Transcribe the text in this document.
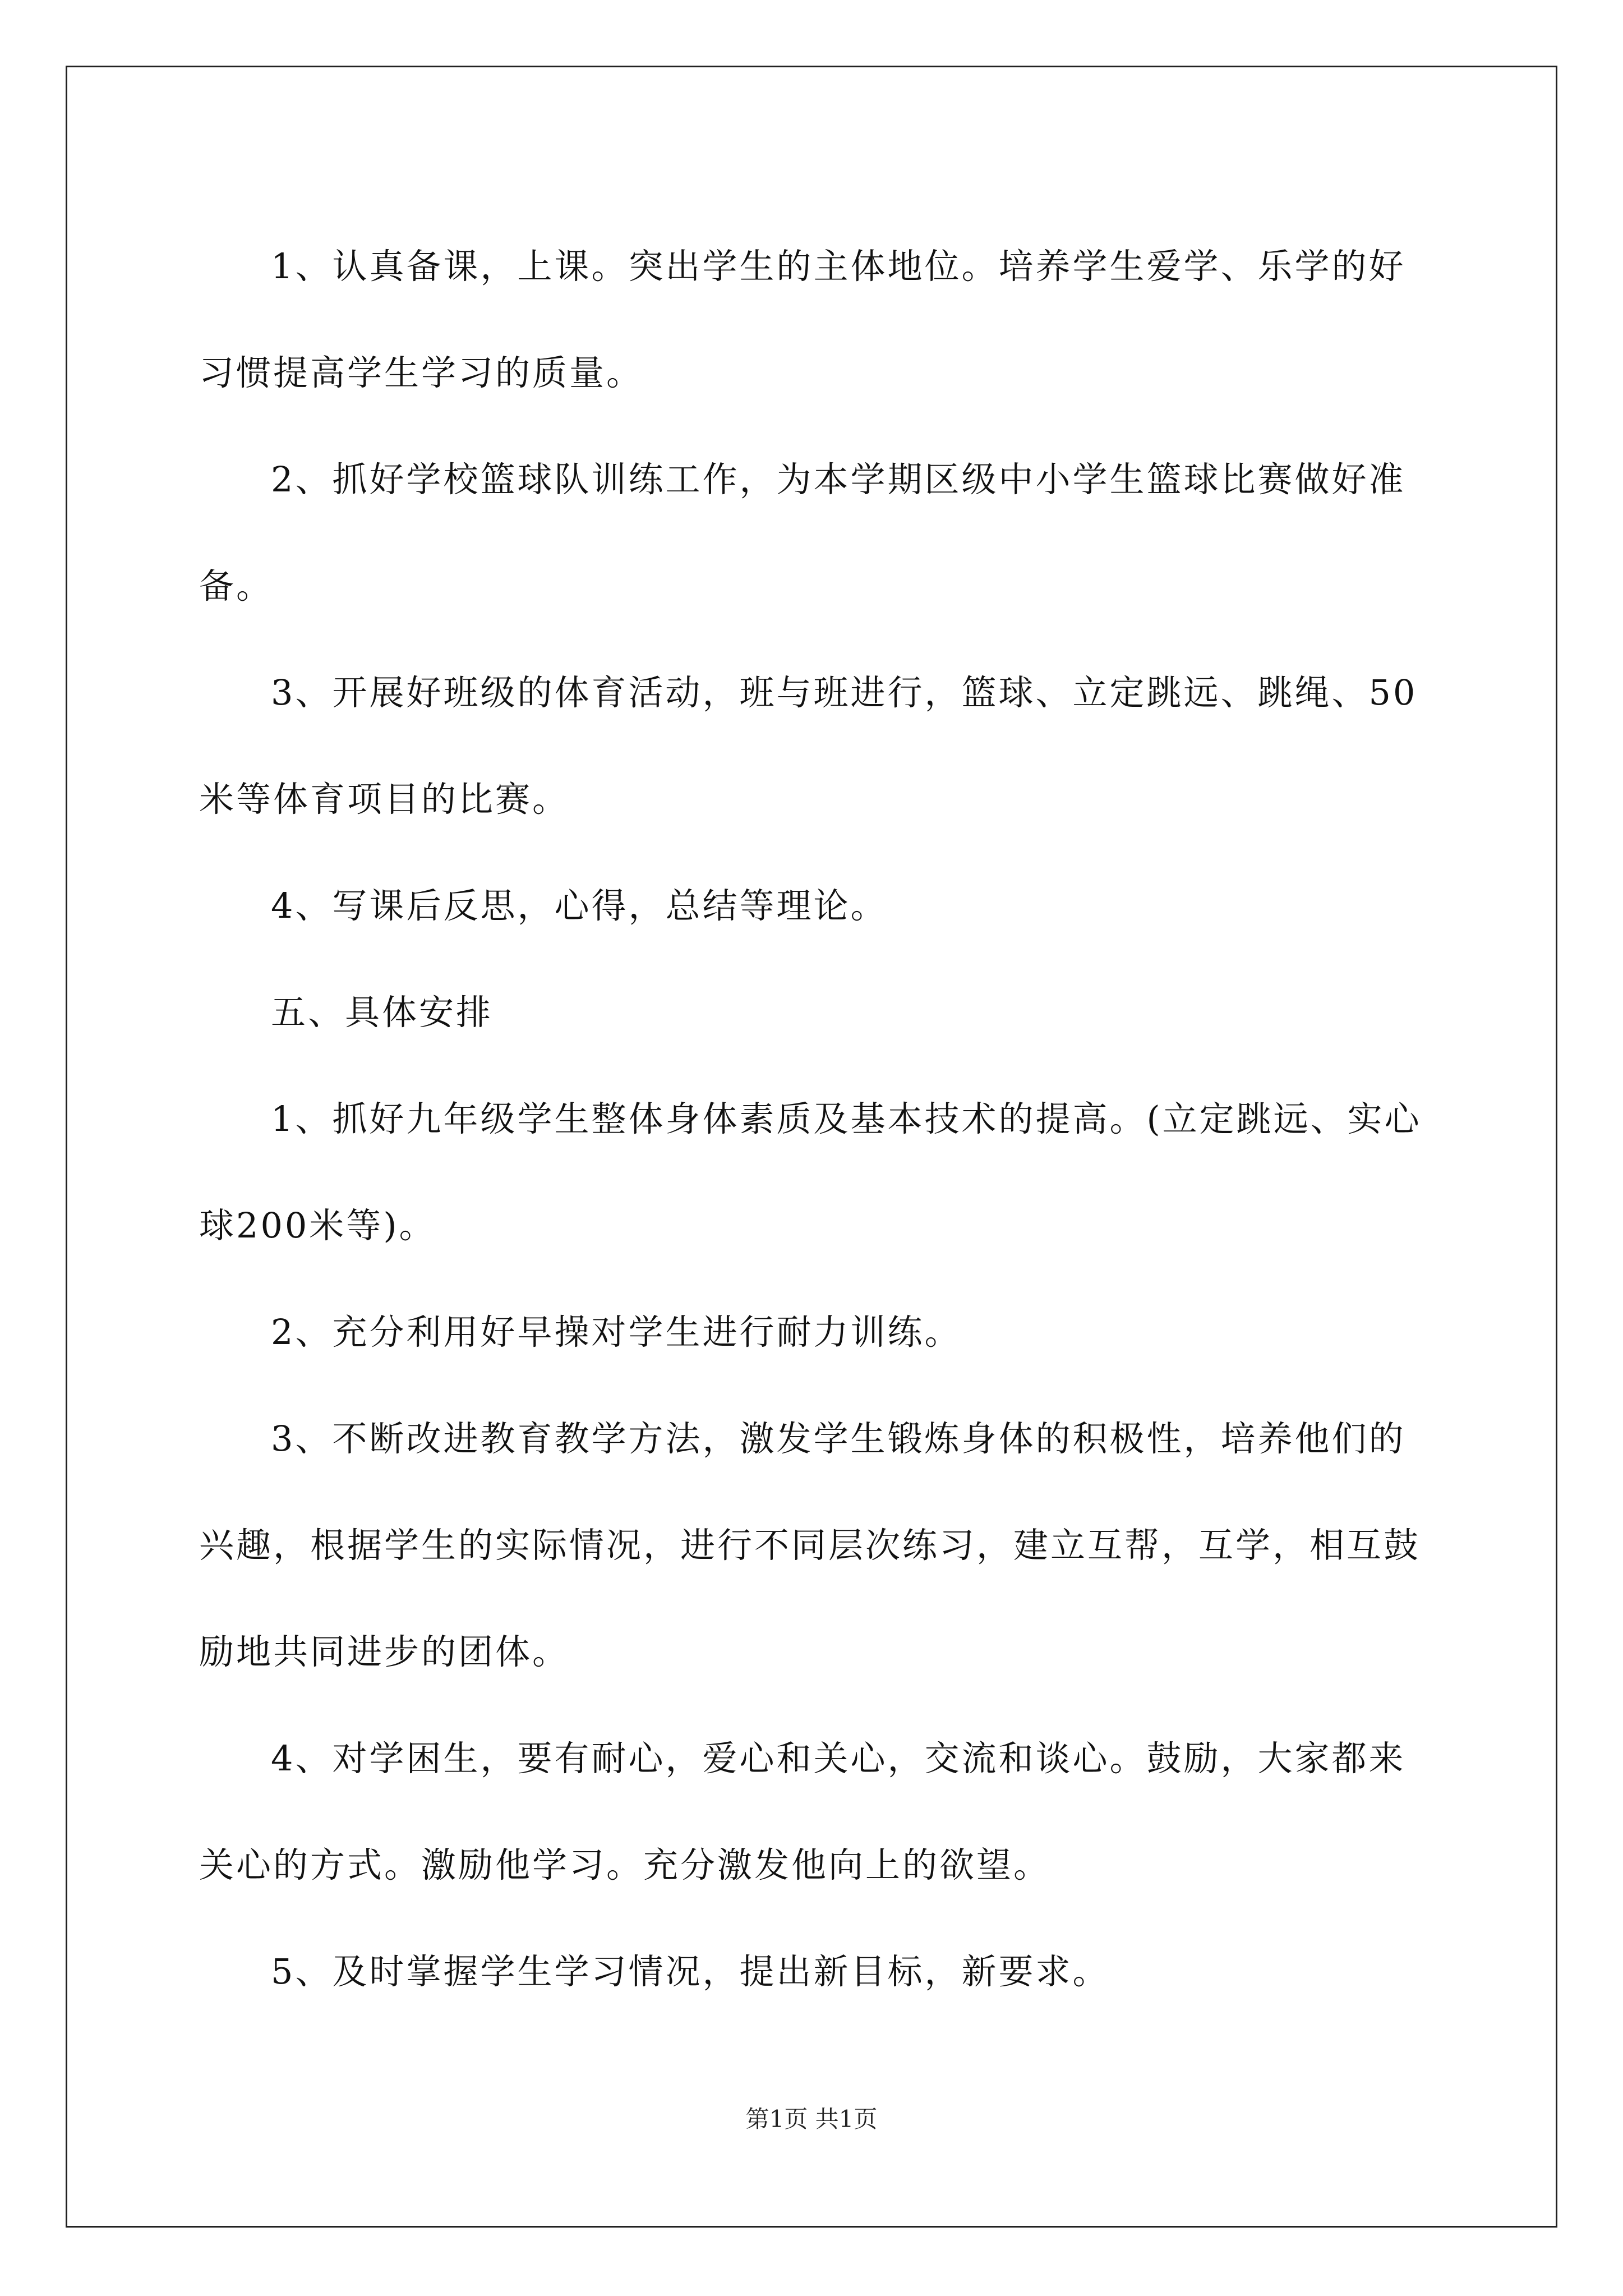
1、认真备课，上课。突出学生的主体地位。培养学生爱学、乐学的好习惯提高学生学习的质量。

2、抓好学校篮球队训练工作，为本学期区级中小学生篮球比赛做好准备。

3、开展好班级的体育活动，班与班进行，篮球、立定跳远、跳绳、50米等体育项目的比赛。

4、写课后反思，心得，总结等理论。

五、具体安排

1、抓好九年级学生整体身体素质及基本技术的提高。(立定跳远、实心球200米等)。

2、充分利用好早操对学生进行耐力训练。

3、不断改进教育教学方法，激发学生锻炼身体的积极性，培养他们的兴趣，根据学生的实际情况，进行不同层次练习，建立互帮，互学，相互鼓励地共同进步的团体。

4、对学困生，要有耐心，爱心和关心，交流和谈心。鼓励，大家都来关心的方式。激励他学习。充分激发他向上的欲望。

5、及时掌握学生学习情况，提出新目标，新要求。

第1页 共1页
